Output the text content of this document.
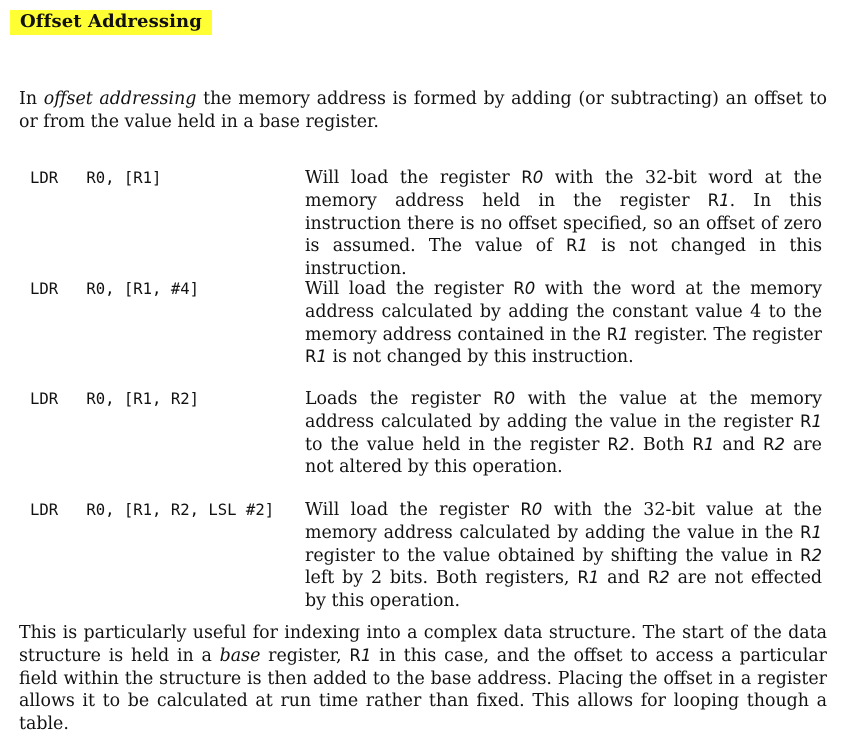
Offset Addressing
In offset addressing the memory address is formed by adding (or subtracting) an offset to or from the value held in a base register.
LDR   R0, [R1]	Will load the register R0 with the 32-bit word at the memory address held in the register R1. In this instruction there is no offset specified, so an offset of zero is assumed. The value of R1 is not changed in this instruction.
LDR   R0, [R1, #4]	Will load the register R0 with the word at the memory address calculated by adding the constant value 4 to the memory address contained in the R1 register. The register R1 is not changed by this instruction.
LDR   R0, [R1, R2]	Loads the register R0 with the value at the memory address calculated by adding the value in the register R1 to the value held in the register R2. Both R1 and R2 are not altered by this operation.
LDR   R0, [R1, R2, LSL #2] Will load the register R0 with the 32-bit value at the memory address calculated by adding the value in the R1 register to the value obtained by shifting the value in R2 left by 2 bits. Both registers, R1 and R2 are not effected by this operation.
This is particularly useful for indexing into a complex data structure. The start of the data structure is held in a base register, R1 in this case, and the offset to access a particular field within the structure is then added to the base address. Placing the offset in a register allows it to be calculated at run time rather than fixed. This allows for looping though a table.
